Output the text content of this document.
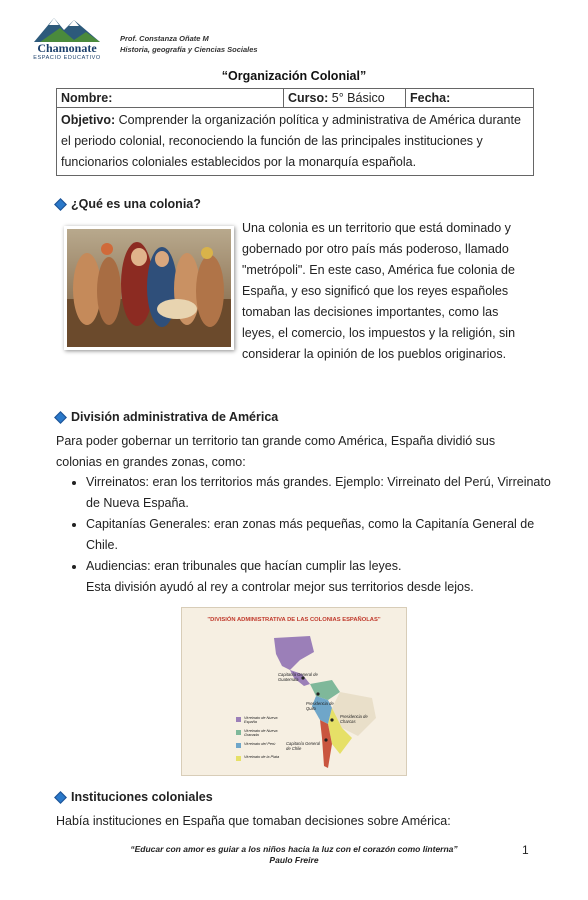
Chamonate
ESPACIO EDUCATIVO
Prof. Constanza Oñate M
Historia, geografía y Ciencias Sociales
“Organización Colonial”
Nombre:	Curso: 5° Básico	Fecha:
Objetivo: Comprender la organización política y administrativa de América durante el periodo colonial, reconociendo la función de las principales instituciones y funcionarios coloniales establecidos por la monarquía española.
¿Qué es una colonia?
Una colonia es un territorio que está dominado y gobernado por otro país más poderoso, llamado "metrópoli". En este caso, América fue colonia de España, y eso significó que los reyes españoles tomaban las decisiones importantes, como las leyes, el comercio, los impuestos y la religión, sin considerar la opinión de los pueblos originarios.
División administrativa de América
Para poder gobernar un territorio tan grande como América, España dividió sus colonias en grandes zonas, como:
• Virreinatos: eran los territorios más grandes. Ejemplo: Virreinato del Perú, Virreinato de Nueva España.
• Capitanías Generales: eran zonas más pequeñas, como la Capitanía General de Chile.
• Audiencias: eran tribunales que hacían cumplir las leyes.
Esta división ayudó al rey a controlar mejor sus territorios desde lejos.
"DIVISIÓN ADMINISTRATIVA DE LAS COLONIAS ESPAÑOLAS"
Capitanía General de Guatemala
Presidencia de Quito
Presidencia de Charcas
Capitanía General de Chile
Virreinato de Nueva España
Virreinato de Nueva Granada
Virreinato del Perú
Virreinato de la Plata
Instituciones coloniales
Había instituciones en España que tomaban decisiones sobre América:
“Educar con amor es guiar a los niños hacia la luz con el corazón como linterna”
Paulo Freire
1
